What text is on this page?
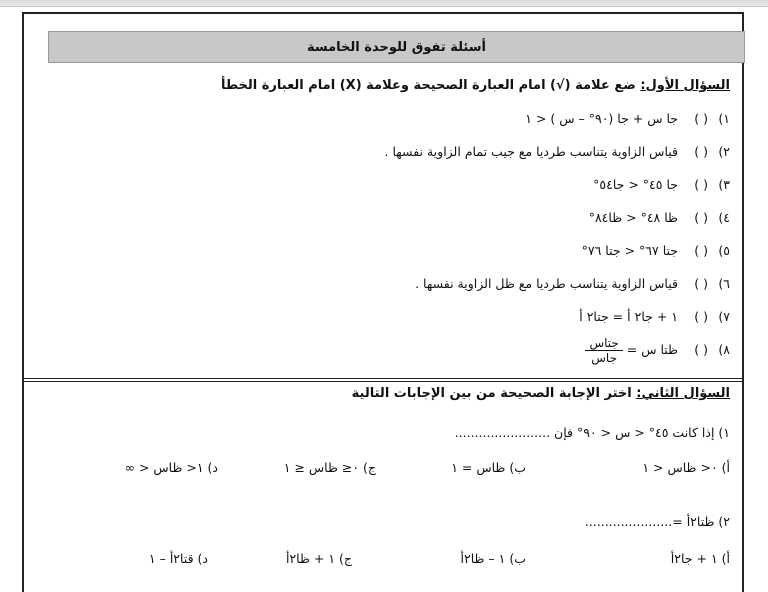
أسئلة تفوق للوحدة الخامسة
السؤال الأول: ضع علامة (√) امام العبارة الصحيحة وعلامة (X) امام العبارة الخطأ
١)( )جا س + جا (٩٠° – س ) < ١
٢)( )قياس الزاوية يتناسب طرديا مع جيب تمام الزاوية نفسها .
٣)( )جا ٤٥° < جا٥٤°
٤)( )ظا ٤٨° < ظا٨٤°
٥)( )جتا ٦٧° < جتا ٧٦°
٦)( )قياس الزاوية يتناسب طرديا مع ظل الزاوية نفسها .
٧)( )١ + جا٢ أ = جتا٢ أ
٨)( )ظتا س =
$\frac{\text{جتاس}}{\text{جاس}}$
السؤال الثاني: اختر الإجابة الصحيحة من بين الإجابات التالية
١) إذا كانت ٤٥° < س < ٩٠° فإن ........................
أ) ٠< ظاس < ١
ب) ظاس = ١
ج) ٠≤ ظاس ≤ ١
د) ١< ظاس < ∞
٢) ظتا٢أ =......................
أ) ١ + جا٢أ
ب) ١ – ظا٢أ
ج) ١ + ظا٢أ
د) قتا٢أ – ١
